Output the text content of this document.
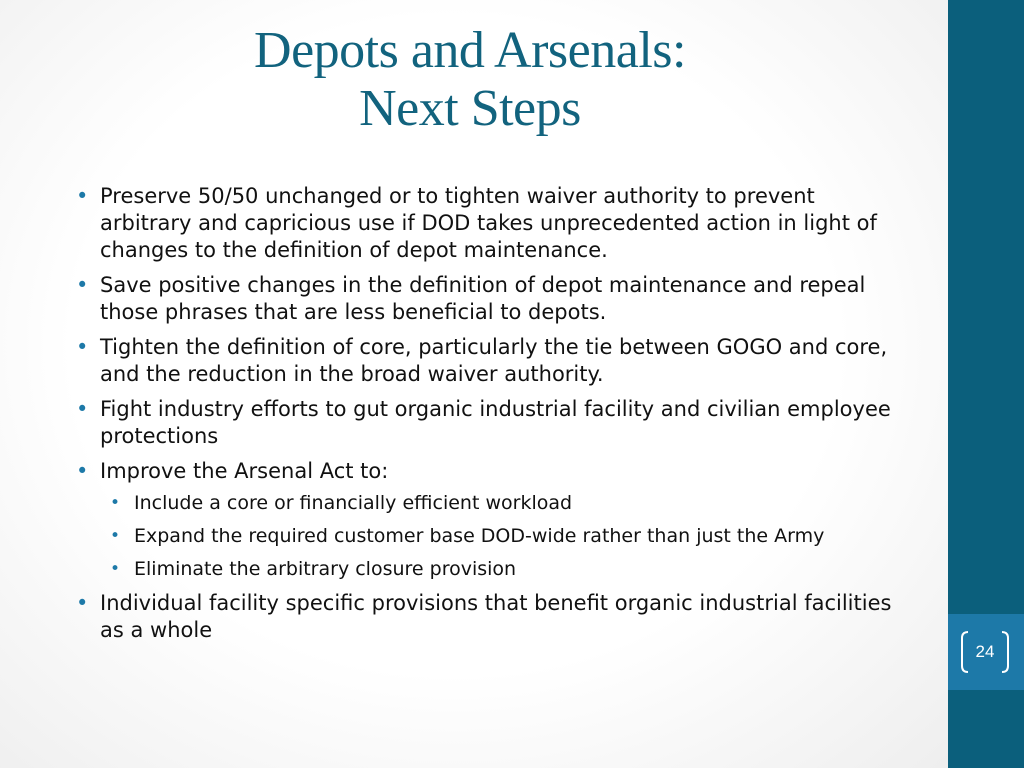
24
Depots and Arsenals:
Next Steps
• Preserve 50/50 unchanged or to tighten waiver authority to prevent arbitrary and capricious use if DOD takes unprecedented action in light of changes to the definition of depot maintenance.
• Save positive changes in the definition of depot maintenance and repeal those phrases that are less beneficial to depots.
• Tighten the definition of core, particularly the tie between GOGO and core, and the reduction in the broad waiver authority.
• Fight industry efforts to gut organic industrial facility and civilian employee protections
• Improve the Arsenal Act to:
• Include a core or financially efficient workload
• Expand the required customer base DOD-wide rather than just the Army
• Eliminate the arbitrary closure provision
• Individual facility specific provisions that benefit organic industrial facilities as a whole
